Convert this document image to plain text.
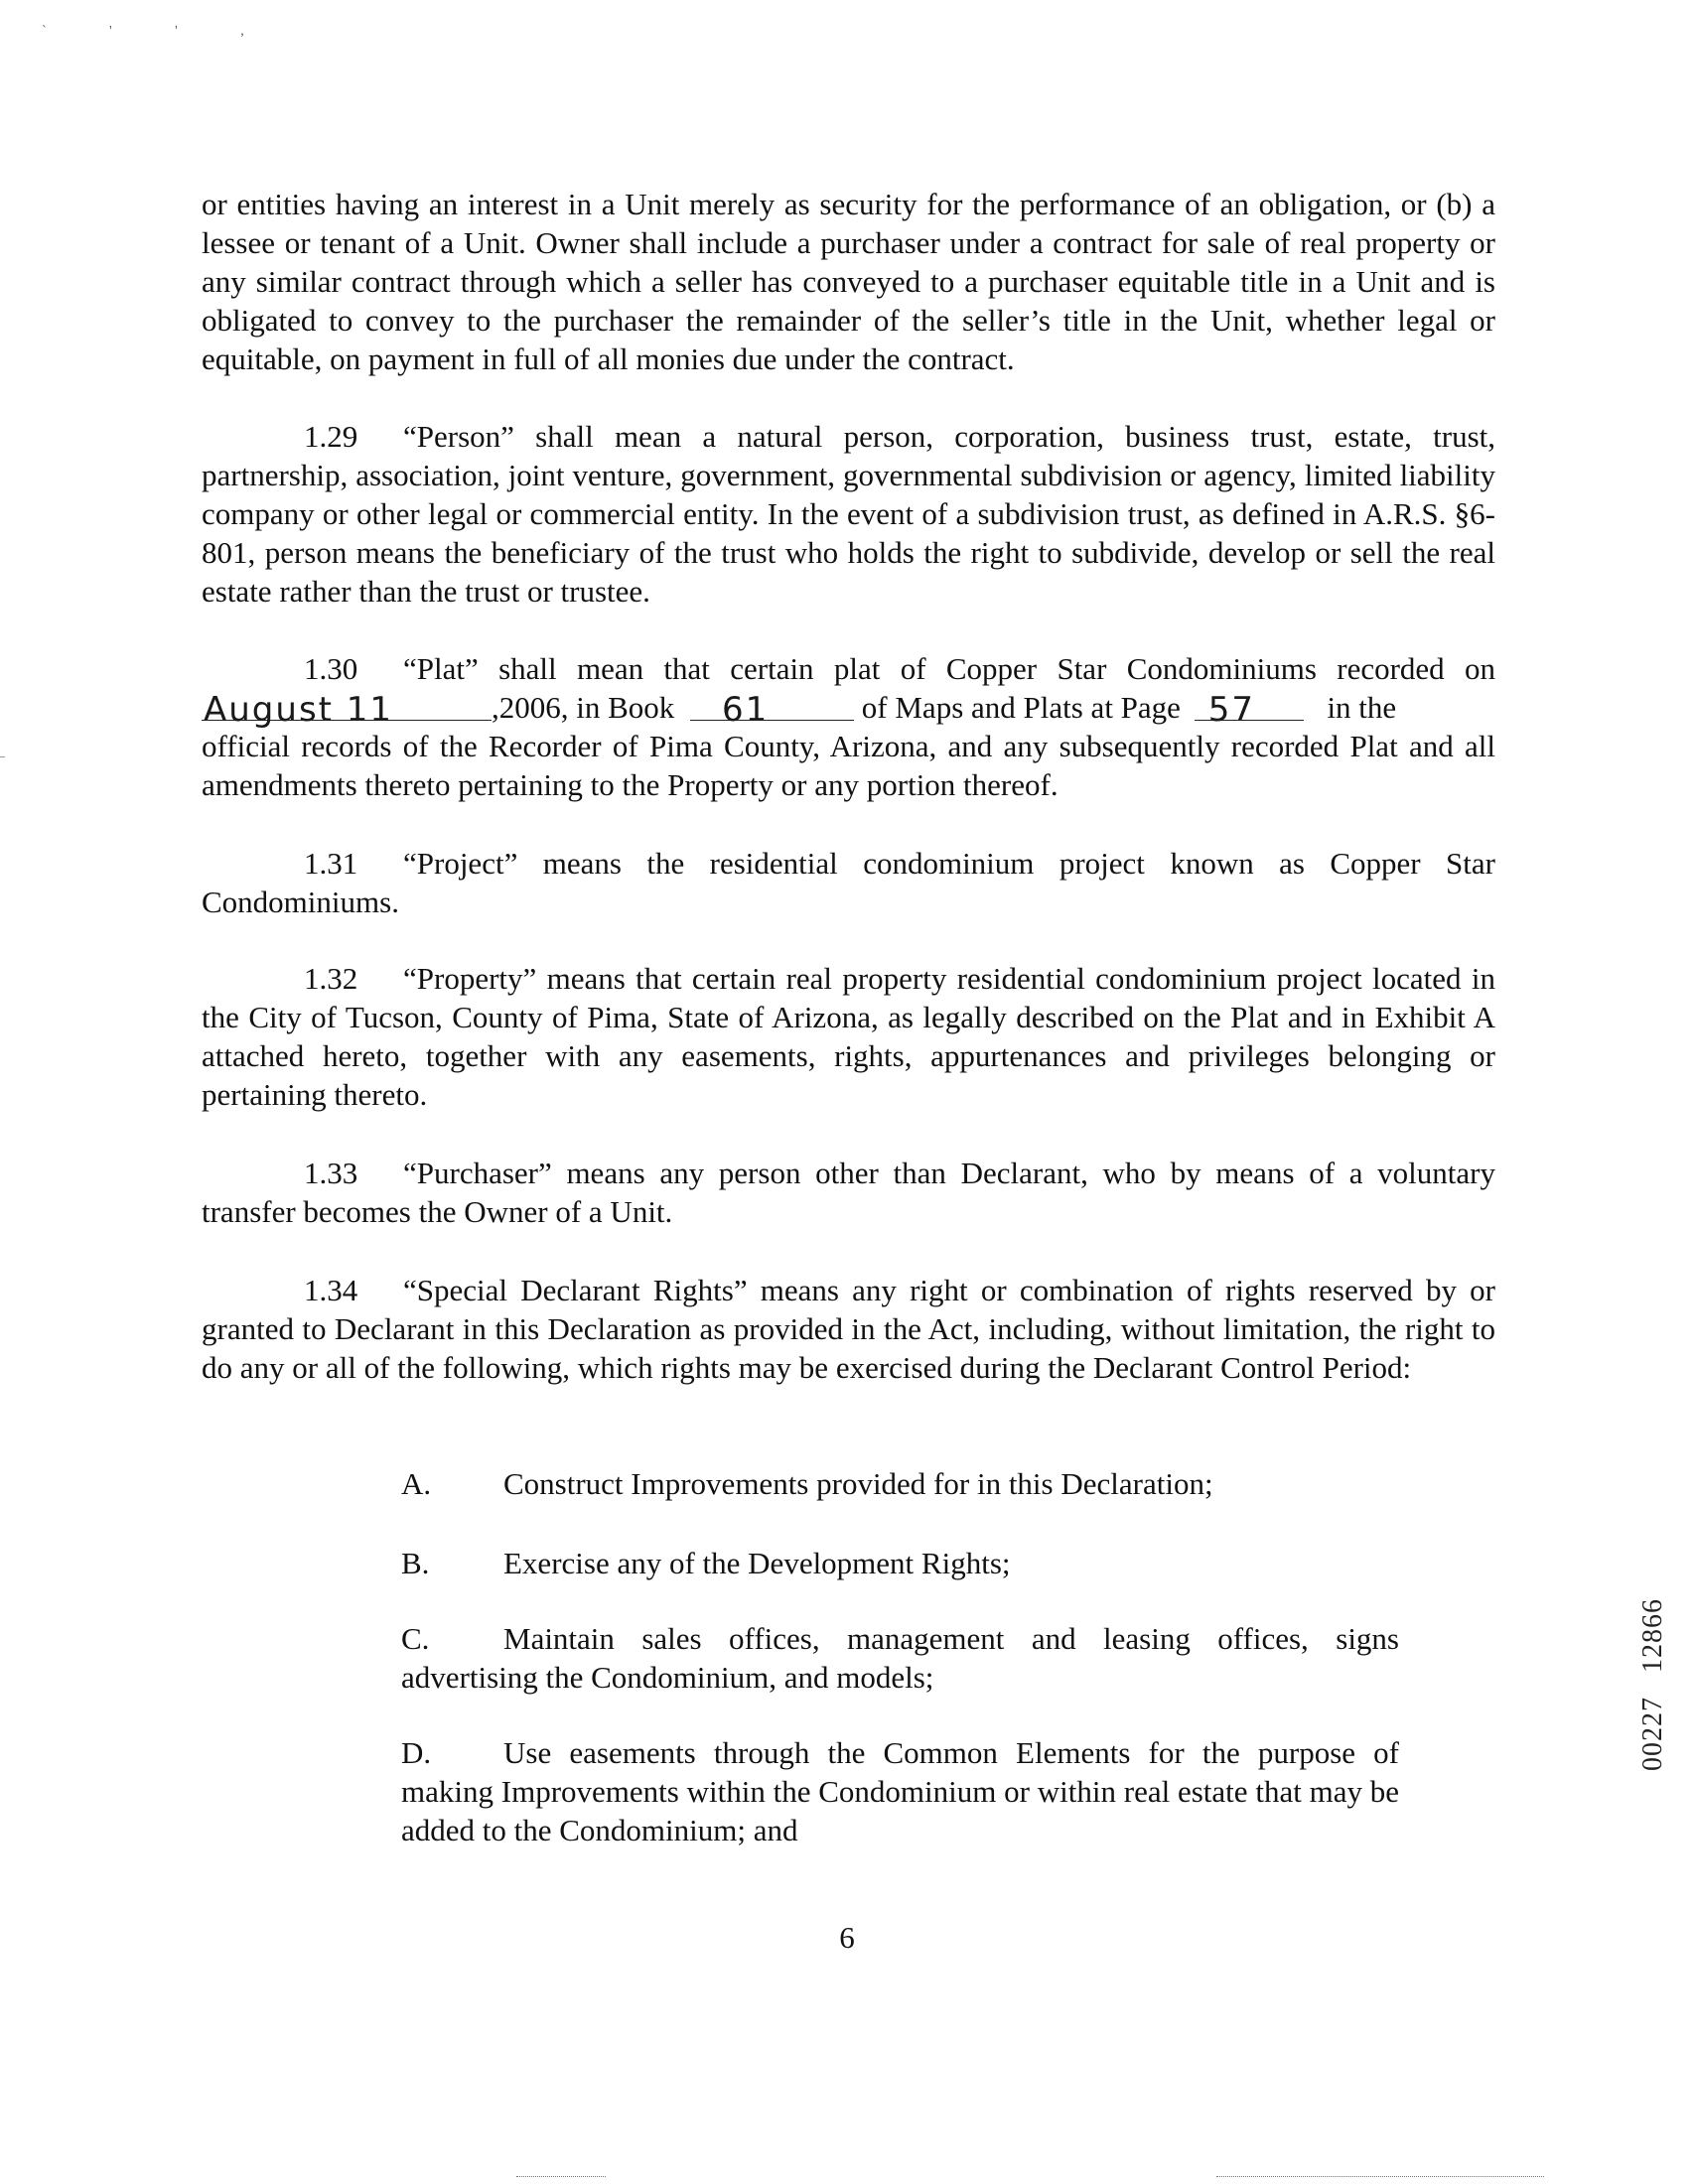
` ' ' ,

or entities having an interest in a Unit merely as security for the performance of an obligation, or (b) a lessee or tenant of a Unit. Owner shall include a purchaser under a contract for sale of real property or any similar contract through which a seller has conveyed to a purchaser equitable title in a Unit and is obligated to convey to the purchaser the remainder of the seller’s title in the Unit, whether legal or equitable, on payment in full of all monies due under the contract.

1.29 “Person” shall mean a natural person, corporation, business trust, estate, trust, partnership, association, joint venture, government, governmental subdivision or agency, limited liability company or other legal or commercial entity. In the event of a subdivision trust, as defined in A.R.S. §6-801, person means the beneficiary of the trust who holds the right to subdivide, develop or sell the real estate rather than the trust or trustee.

1.30 “Plat” shall mean that certain plat of Copper Star Condominiums recorded on
August 11	,2006, in Book 61	of Maps and Plats at Page 57 in the
official records of the Recorder of Pima County, Arizona, and any subsequently recorded Plat and all amendments thereto pertaining to the Property or any portion thereof.

1.31 “Project” means the residential condominium project known as Copper Star Condominiums.

1.32 “Property” means that certain real property residential condominium project located in the City of Tucson, County of Pima, State of Arizona, as legally described on the Plat and in Exhibit A attached hereto, together with any easements, rights, appurtenances and privileges belonging or pertaining thereto.

1.33 “Purchaser” means any person other than Declarant, who by means of a voluntary transfer becomes the Owner of a Unit.

1.34 “Special Declarant Rights” means any right or combination of rights reserved by or granted to Declarant in this Declaration as provided in the Act, including, without limitation, the right to do any or all of the following, which rights may be exercised during the Declarant Control Period:

A. Construct Improvements provided for in this Declaration;

B. Exercise any of the Development Rights;

C. Maintain sales offices, management and leasing offices, signs advertising the Condominium, and models;

D. Use easements through the Common Elements for the purpose of making Improvements within the Condominium or within real estate that may be added to the Condominium; and

6
12866
00227
